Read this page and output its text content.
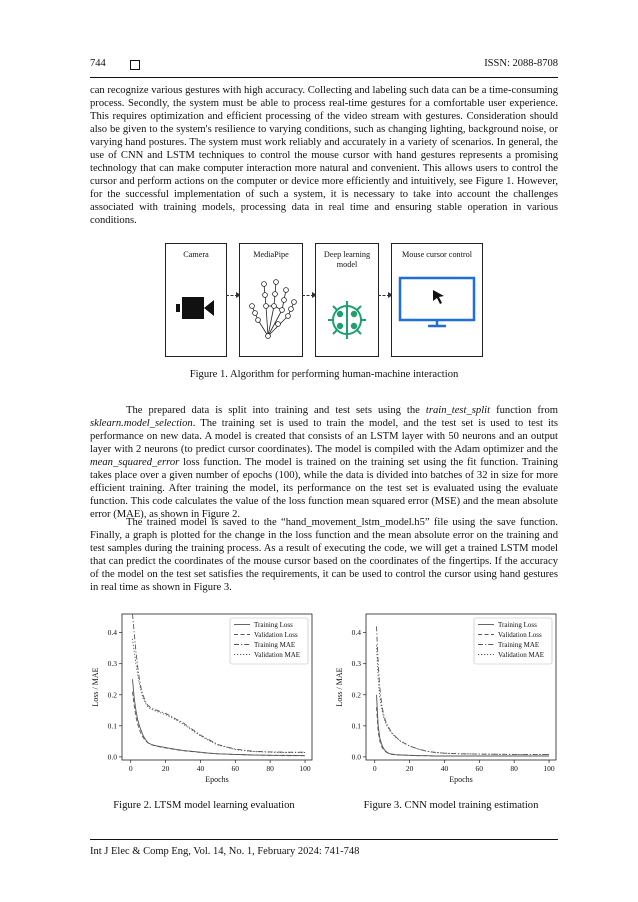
744	ISSN: 2088-8708

can recognize various gestures with high accuracy. Collecting and labeling such data can be a time-consuming process. Secondly, the system must be able to process real-time gestures for a comfortable user experience. This requires optimization and efficient processing of the video stream with gestures. Consideration should also be given to the system's resilience to varying conditions, such as changing lighting, background noise, or varying hand postures. The system must work reliably and accurately in a variety of scenarios. In general, the use of CNN and LSTM techniques to control the mouse cursor with hand gestures represents a promising technology that can make computer interaction more natural and convenient. This allows users to control the cursor and perform actions on the computer or device more efficiently and intuitively, see Figure 1. However, for the successful implementation of such a system, it is necessary to take into account the challenges associated with training models, processing data in real time and ensuring stable operation in various conditions.

Camera	MediaPipe	Deep learning
model
Mouse cursor control
Figure 1. Algorithm for performing human-machine interaction

The prepared data is split into training and test sets using the train_test_split function from sklearn.model_selection. The training set is used to train the model, and the test set is used to test its performance on new data. A model is created that consists of an LSTM layer with 50 neurons and an output layer with 2 neurons (to predict cursor coordinates). The model is compiled with the Adam optimizer and the mean_squared_error loss function. The model is trained on the training set using the fit function. Training takes place over a given number of epochs (100), while the data is divided into batches of 32 in size for more efficient training. After training the model, its performance on the test set is evaluated using the evaluate function. This code calculates the value of the loss function mean squared error (MSE) and the mean absolute error (MAE), as shown in Figure 2.

The trained model is saved to the “hand_movement_lstm_model.h5” file using the save function. Finally, a graph is plotted for the change in the loss function and the mean absolute error on the training and test samples during the training process. As a result of executing the code, we will get a trained LSTM model that can predict the coordinates of the mouse cursor based on the coordinates of the fingertips. If the accuracy of the model on the test set satisfies the requirements, it can be used to control the cursor using hand gestures in real time as shown in Figure 3.

0	20	40	60	80	100
0.0
0.1
0.2
0.3
0.4
Epochs
Loss / MAE
Training Loss
Validation Loss
Training MAE
Validation MAE
0	20	40	60	80	100
0.0
0.1
0.2
0.3
0.4
Epochs
Loss / MAE
Training Loss
Validation Loss
Training MAE
Validation MAE
Figure 2. LTSM model learning evaluation	Figure 3. CNN model training estimation
Int J Elec & Comp Eng, Vol. 14, No. 1, February 2024: 741-748
